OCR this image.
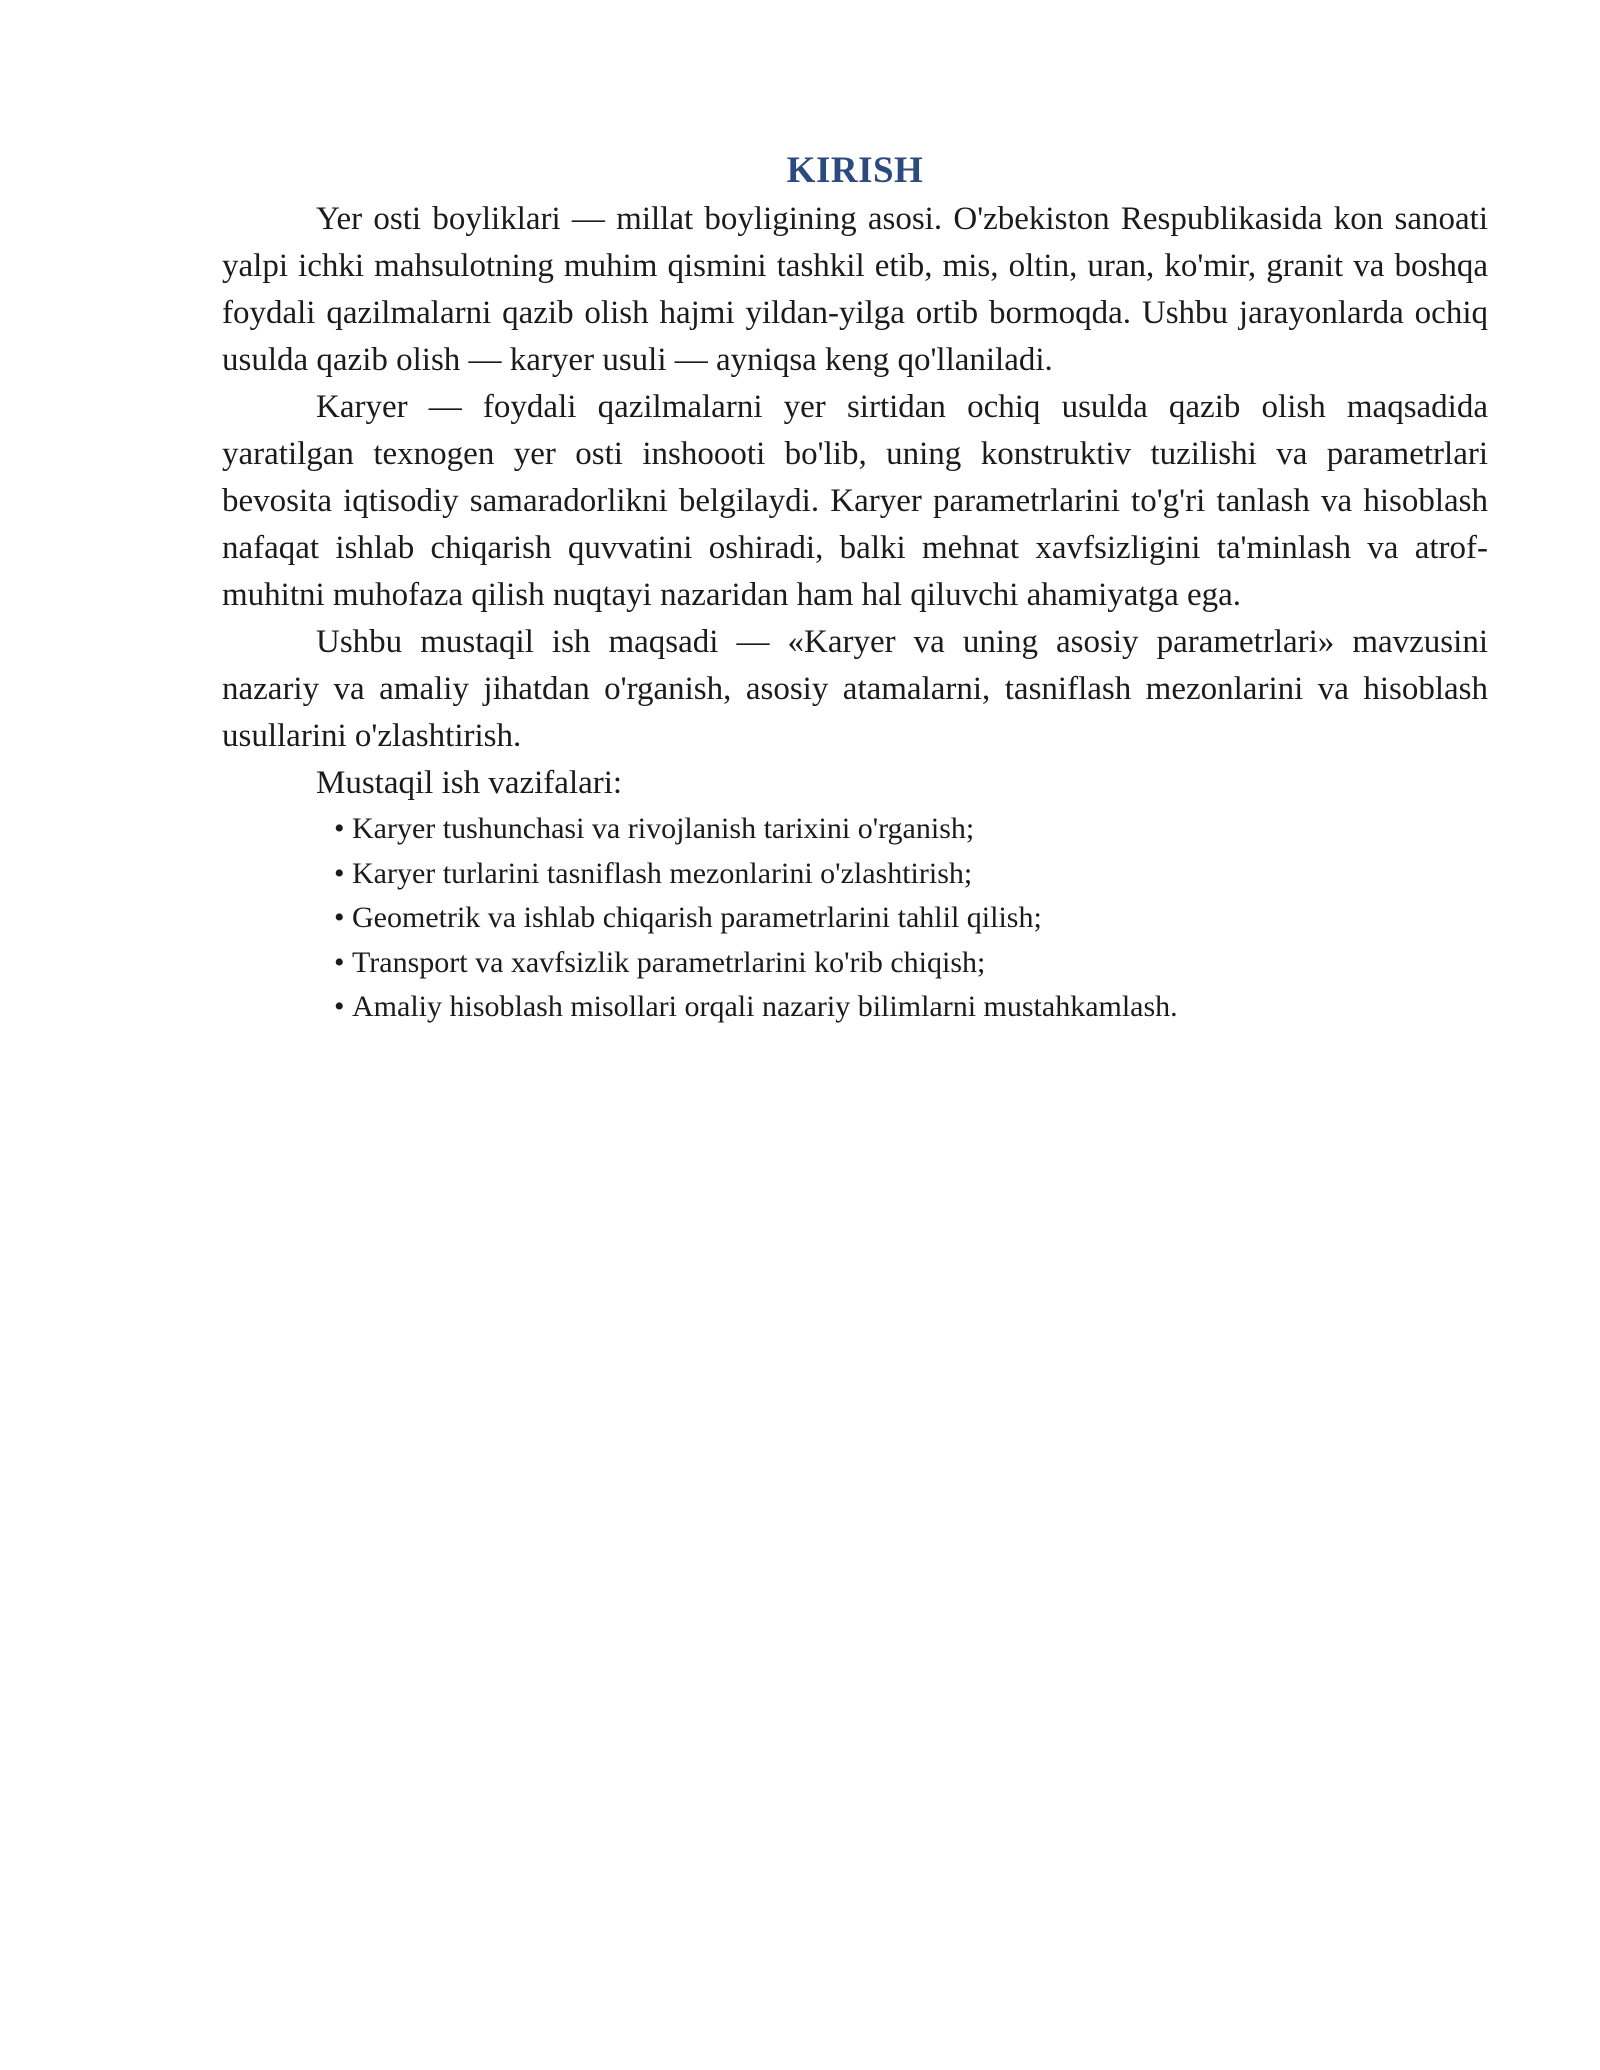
KIRISH

Yer osti boyliklari — millat boyligining asosi. O'zbekiston Respublikasida kon sanoati yalpi ichki mahsulotning muhim qismini tashkil etib, mis, oltin, uran, ko'mir, granit va boshqa foydali qazilmalarni qazib olish hajmi yildan-yilga ortib bormoqda. Ushbu jarayonlarda ochiq usulda qazib olish — karyer usuli — ayniqsa keng qo'llaniladi.

Karyer — foydali qazilmalarni yer sirtidan ochiq usulda qazib olish maqsadida yaratilgan texnogen yer osti inshoooti bo'lib, uning konstruktiv tuzilishi va parametrlari bevosita iqtisodiy samaradorlikni belgilaydi. Karyer parametrlarini to'g'ri tanlash va hisoblash nafaqat ishlab chiqarish quvvatini oshiradi, balki mehnat xavfsizligini ta'minlash va atrof-muhitni muhofaza qilish nuqtayi nazaridan ham hal qiluvchi ahamiyatga ega.

Ushbu mustaqil ish maqsadi — «Karyer va uning asosiy parametrlari» mavzusini nazariy va amaliy jihatdan o'rganish, asosiy atamalarni, tasniflash mezonlarini va hisoblash usullarini o'zlashtirish.

Mustaqil ish vazifalari:

• Karyer tushunchasi va rivojlanish tarixini o'rganish;
• Karyer turlarini tasniflash mezonlarini o'zlashtirish;
• Geometrik va ishlab chiqarish parametrlarini tahlil qilish;
• Transport va xavfsizlik parametrlarini ko'rib chiqish;
• Amaliy hisoblash misollari orqali nazariy bilimlarni mustahkamlash.
